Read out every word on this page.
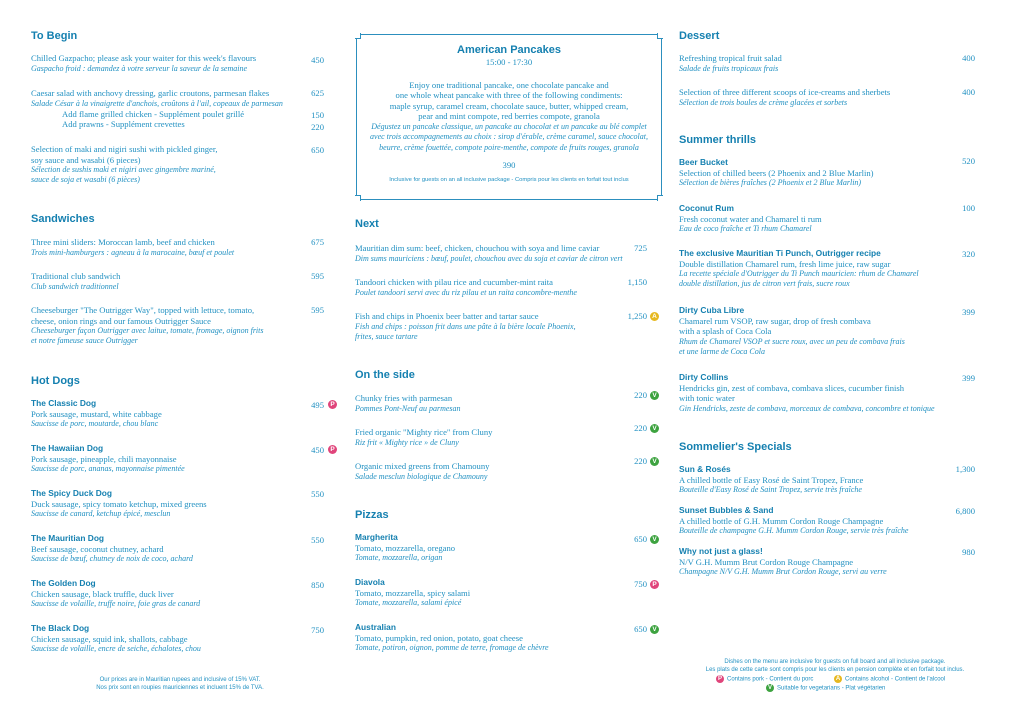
To Begin
Chilled Gazpacho; please ask your waiter for this week's flavours
Gaspacho froid : demandez à votre serveur la saveur de la semaine
450
Caesar salad with anchovy dressing, garlic croutons, parmesan flakes
Salade César à la vinaigrette d'anchois, croûtons à l'ail, copeaux de parmesan
Add flame grilled chicken - Supplément poulet grillé
Add prawns - Supplément crevettes
625
150
220
Selection of maki and nigiri sushi with pickled ginger,
soy sauce and wasabi (6 pieces)
Sélection de sushis maki et nigiri avec gingembre mariné,
sauce de soja et wasabi (6 pièces)
650
Sandwiches
Three mini sliders: Moroccan lamb, beef and chicken
Trois mini-hamburgers : agneau à la marocaine, bœuf et poulet
675
Traditional club sandwich
Club sandwich traditionnel
595
Cheeseburger "The Outrigger Way", topped with lettuce, tomato,
cheese, onion rings and our famous Outrigger Sauce
Cheeseburger façon Outrigger avec laitue, tomate, fromage, oignon frits
et notre fameuse sauce Outrigger
595
Hot Dogs
The Classic Dog
Pork sausage, mustard, white cabbage
Saucisse de porc, moutarde, chou blanc
495 P
The Hawaiian Dog
Pork sausage, pineapple, chili mayonnaise
Saucisse de porc, ananas, mayonnaise pimentée
450 P
The Spicy Duck Dog
Duck sausage, spicy tomato ketchup, mixed greens
Saucisse de canard, ketchup épicé, mesclun
550
The Mauritian Dog
Beef sausage, coconut chutney, achard
Saucisse de bœuf, chutney de noix de coco, achard
550
The Golden Dog
Chicken sausage, black truffle, duck liver
Saucisse de volaille, truffe noire, foie gras de canard
850
The Black Dog
Chicken sausage, squid ink, shallots, cabbage
Saucisse de volaille, encre de seiche, échalotes, chou
750
Our prices are in Mauritian rupees and inclusive of 15% VAT.
Nos prix sont en roupies mauriciennes et incluent 15% de TVA.
American Pancakes
15:00 - 17:30
Enjoy one traditional pancake, one chocolate pancake and
one whole wheat pancake with three of the following condiments:
maple syrup, caramel cream, chocolate sauce, butter, whipped cream,
pear and mint compote, red berries compote, granola
Dégustez un pancake classique, un pancake au chocolat et un pancake au blé complet
avec trois accompagnements au choix : sirop d'érable, crème caramel, sauce chocolat,
beurre, crème fouettée, compote poire-menthe, compote de fruits rouges, granola
390
Inclusive for guests on an all inclusive package - Compris pour les clients en forfait tout inclus
Next
Mauritian dim sum: beef, chicken, chouchou with soya and lime caviar
Dim sums mauriciens : bœuf, poulet, chouchou avec du soja et caviar de citron vert
725
Tandoori chicken with pilau rice and cucumber-mint raita
Poulet tandoori servi avec du riz pilau et un raita concombre-menthe
1,150
Fish and chips in Phoenix beer batter and tartar sauce
Fish and chips : poisson frit dans une pâte à la bière locale Phoenix,
frites, sauce tartare
1,250 A
On the side
Chunky fries with parmesan
Pommes Pont-Neuf au parmesan
220 V
Fried organic "Mighty rice" from Cluny
Riz frit « Mighty rice » de Cluny
220 V
Organic mixed greens from Chamouny
Salade mesclun biologique de Chamouny
220 V
Pizzas
Margherita
Tomato, mozzarella, oregano
Tomate, mozzarella, origan
650 V
Diavola
Tomato, mozzarella, spicy salami
Tomate, mozzarella, salami épicé
750 P
Australian
Tomato, pumpkin, red onion, potato, goat cheese
Tomate, potiron, oignon, pomme de terre, fromage de chèvre
650 V
Dessert
Refreshing tropical fruit salad
Salade de fruits tropicaux frais
400
Selection of three different scoops of ice-creams and sherbets
Sélection de trois boules de crème glacées et sorbets
400
Summer thrills
Beer Bucket
Selection of chilled beers (2 Phoenix and 2 Blue Marlin)
Sélection de bières fraîches (2 Phoenix et 2 Blue Marlin)
520
Coconut Rum
Fresh coconut water and Chamarel ti rum
Eau de coco fraîche et Ti rhum Chamarel
100
The exclusive Mauritian Ti Punch, Outrigger recipe
Double distillation Chamarel rum, fresh lime juice, raw sugar
La recette spéciale d'Outrigger du Ti Punch mauricien: rhum de Chamarel
double distillation, jus de citron vert frais, sucre roux
320
Dirty Cuba Libre
Chamarel rum VSOP, raw sugar, drop of fresh combava
with a splash of Coca Cola
Rhum de Chamarel VSOP et sucre roux, avec un peu de combava frais
et une larme de Coca Cola
399
Dirty Collins
Hendricks gin, zest of combava, combava slices, cucumber finish
with tonic water
Gin Hendricks, zeste de combava, morceaux de combava, concombre et tonique
399
Sommelier's Specials
Sun & Rosés
A chilled bottle of Easy Rosé de Saint Tropez, France
Bouteille d'Easy Rosé de Saint Tropez, servie très fraîche
1,300
Sunset Bubbles & Sand
A chilled bottle of G.H. Mumm Cordon Rouge Champagne
Bouteille de champagne G.H. Mumm Cordon Rouge, servie très fraîche
6,800
Why not just a glass!
N/V G.H. Mumm Brut Cordon Rouge Champagne
Champagne N/V G.H. Mumm Brut Cordon Rouge, servi au verre
980
Dishes on the menu are inclusive for guests on full board and all inclusive package.
Les plats de cette carte sont compris pour les clients en pension complète et en forfait tout inclus.
P Contains pork - Contient du porc	A Contains alcohol - Contient de l'alcool
V Suitable for vegetarians - Plat végétarien
